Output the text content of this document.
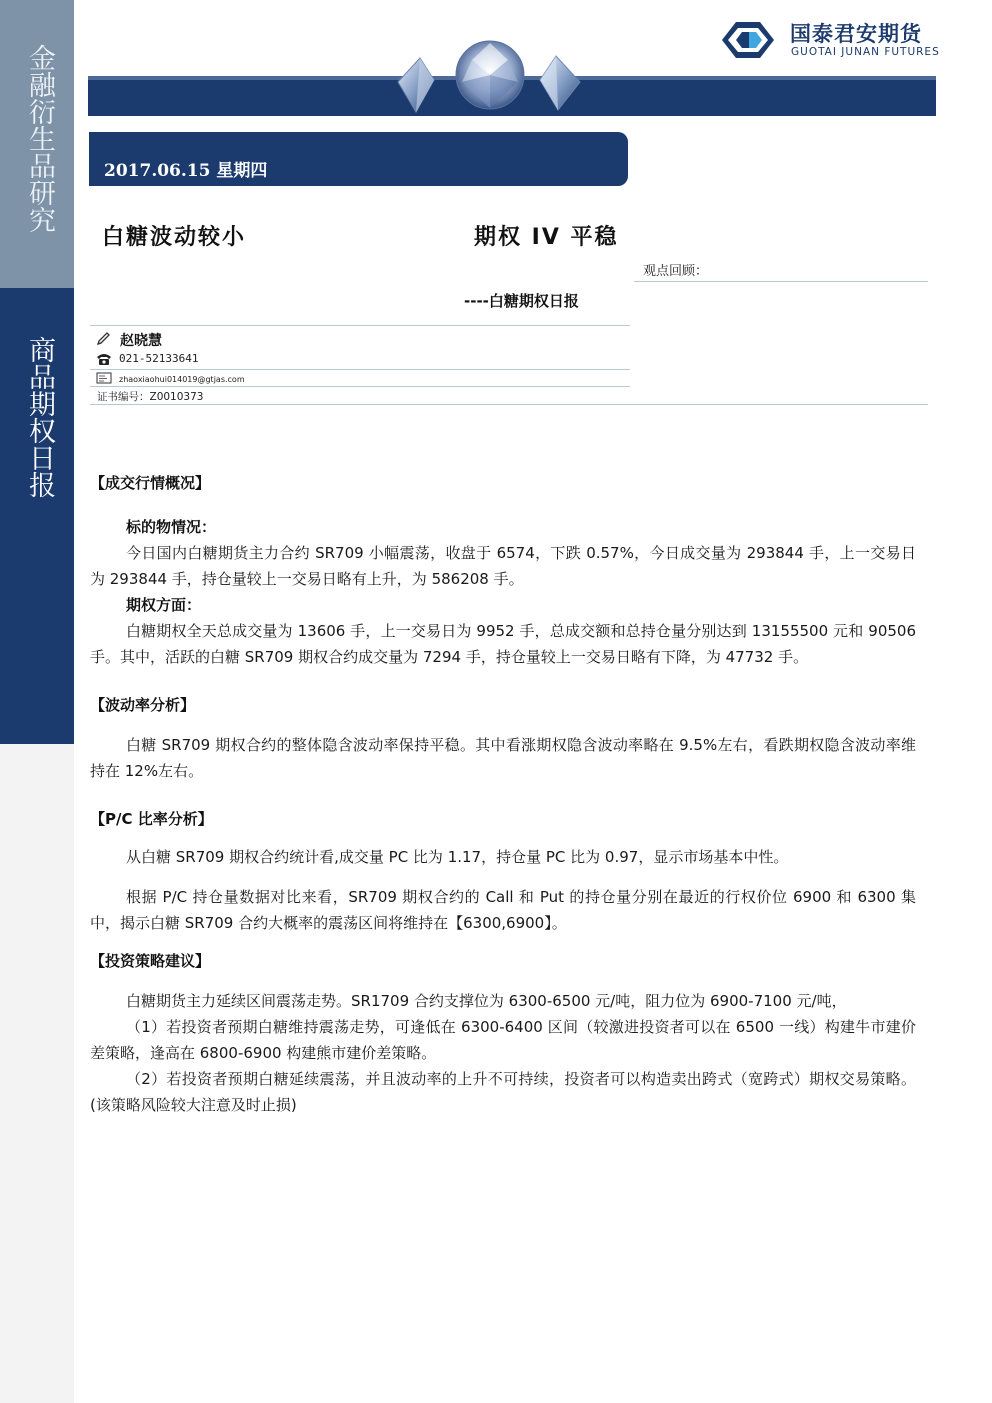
金融衍生品研究
商品期权日报
国泰君安期货
GUOTAI JUNAN FUTURES
2017.06.15 星期四
白糖波动较小	期权 IV 平稳
观点回顾：
----白糖期权日报
赵晓慧
021-52133641
zhaoxiaohui014019@gtjas.com
证书编号：Z0010373

【成交行情概况】

标的物情况：

今日国内白糖期货主力合约 SR709 小幅震荡，收盘于 6574，下跌 0.57%，今日成交量为 293844 手，上一交易日为 293844 手，持仓量较上一交易日略有上升，为 586208 手。

期权方面：

白糖期权全天总成交量为 13606 手，上一交易日为 9952 手，总成交额和总持仓量分别达到 13155500 元和 90506 手。其中，活跃的白糖 SR709 期权合约成交量为 7294 手，持仓量较上一交易日略有下降，为 47732 手。

【波动率分析】

白糖 SR709 期权合约的整体隐含波动率保持平稳。其中看涨期权隐含波动率略在 9.5%左右，看跌期权隐含波动率维持在 12%左右。

【P/C 比率分析】

从白糖 SR709 期权合约统计看,成交量 PC 比为 1.17，持仓量 PC 比为 0.97，显示市场基本中性。

根据 P/C 持仓量数据对比来看，SR709 期权合约的 Call 和 Put 的持仓量分别在最近的行权价位 6900 和 6300 集中，揭示白糖 SR709 合约大概率的震荡区间将维持在【6300,6900】。

【投资策略建议】

白糖期货主力延续区间震荡走势。SR1709 合约支撑位为 6300-6500 元/吨，阻力位为 6900-7100 元/吨，

（1）若投资者预期白糖维持震荡走势，可逢低在 6300-6400 区间（较激进投资者可以在 6500 一线）构建牛市建价差策略，逢高在 6800-6900 构建熊市建价差策略。

（2）若投资者预期白糖延续震荡，并且波动率的上升不可持续，投资者可以构造卖出跨式（宽跨式）期权交易策略。(该策略风险较大注意及时止损)
